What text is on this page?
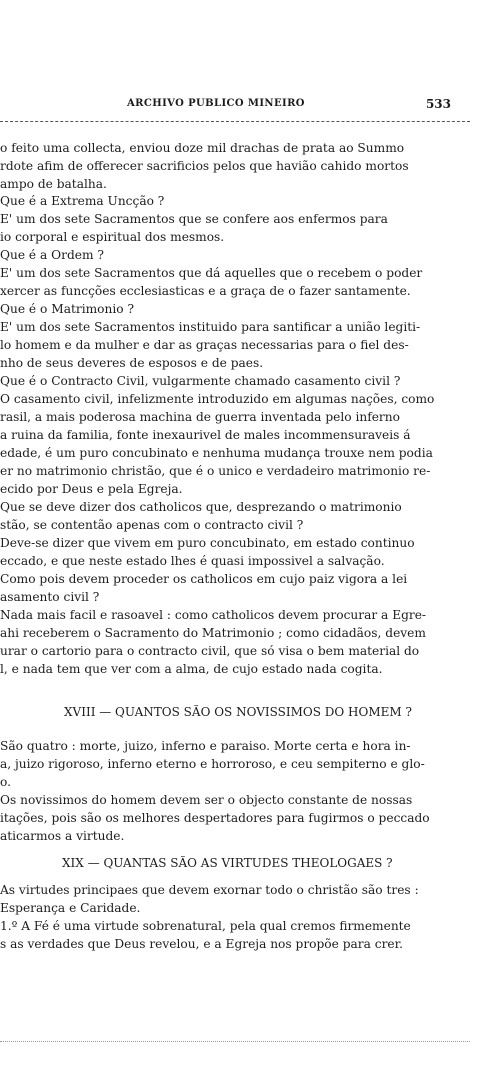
ARCHIVO PUBLICO MINEIRO	533
o feito uma collecta, enviou doze mil drachas de prata ao Summo
rdote afim de offerecer sacrificios pelos que havião cahido mortos
ampo de batalha.
Que é a Extrema Uncção ?
E' um dos sete Sacramentos que se confere aos enfermos para
io corporal e espiritual dos mesmos.
Que é a Ordem ?
E' um dos sete Sacramentos que dá aquelles que o recebem o poder
xercer as funcções ecclesiasticas e a graça de o fazer santamente.
Que é o Matrimonio ?
E' um dos sete Sacramentos instituido para santificar a união legiti-
lo homem e da mulher e dar as graças necessarias para o fiel des-
nho de seus deveres de esposos e de paes.
Que é o Contracto Civil, vulgarmente chamado casamento civil ?
O casamento civil, infelizmente introduzido em algumas nações, como
rasil, a mais poderosa machina de guerra inventada pelo inferno
a ruina da familia, fonte inexaurivel de males incommensuraveis á
edade, é um puro concubinato e nenhuma mudança trouxe nem podia
er no matrimonio christão, que é o unico e verdadeiro matrimonio re-
ecido por Deus e pela Egreja.
Que se deve dizer dos catholicos que, desprezando o matrimonio
stão, se contentão apenas com o contracto civil ?
Deve-se dizer que vivem em puro concubinato, em estado continuo
eccado, e que neste estado lhes é quasi impossivel a salvação.
Como pois devem proceder os catholicos em cujo paiz vigora a lei
asamento civil ?
Nada mais facil e rasoavel : como catholicos devem procurar a Egre-
ahi receberem o Sacramento do Matrimonio ; como cidadãos, devem
urar o cartorio para o contracto civil, que só visa o bem material do
l, e nada tem que ver com a alma, de cujo estado nada cogita.
XVIII — QUANTOS SÃO OS NOVISSIMOS DO HOMEM ?
São quatro : morte, juizo, inferno e paraiso. Morte certa e hora in-
a, juizo rigoroso, inferno eterno e horroroso, e ceu sempiterno e glo-
o.
Os novissimos do homem devem ser o objecto constante de nossas
itações, pois são os melhores despertadores para fugirmos o peccado
aticarmos a virtude.
XIX — QUANTAS SÃO AS VIRTUDES THEOLOGAES ?
As virtudes principaes que devem exornar todo o christão são tres :
Esperança e Caridade.
1.º A Fé é uma virtude sobrenatural, pela qual cremos firmemente
s as verdades que Deus revelou, e a Egreja nos propõe para crer.
